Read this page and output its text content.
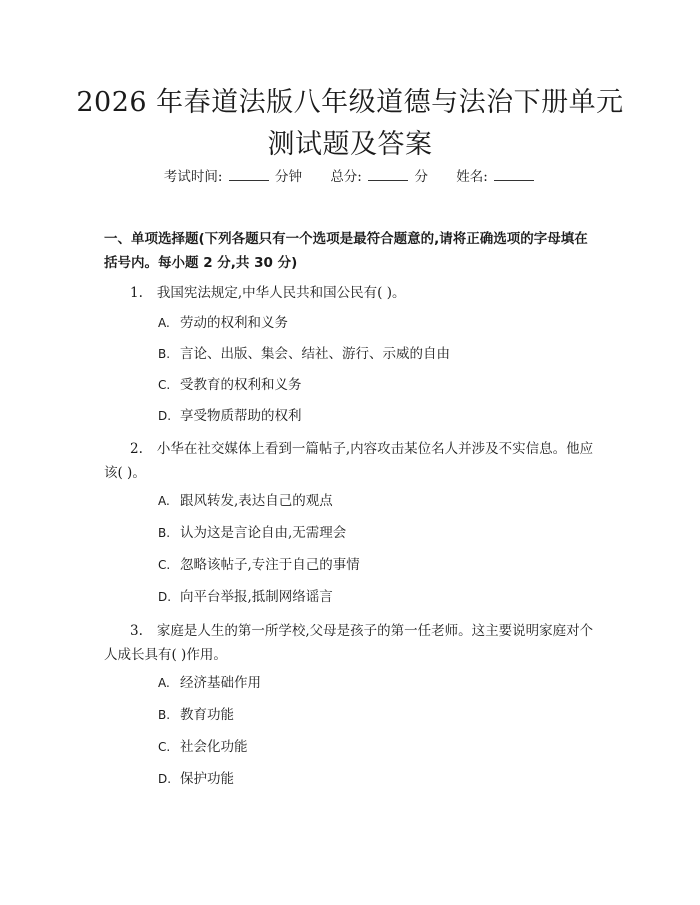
2026 年春道法版八年级道德与法治下册单元
测试题及答案
考试时间:	分钟 总分:	分 姓名:
一、单项选择题(下列各题只有一个选项是最符合题意的,请将正确选项的字母填在括号内。每小题 2 分,共 30 分)
1. 我国宪法规定,中华人民共和国公民有( )。
A. 劳动的权利和义务
B. 言论、出版、集会、结社、游行、示威的自由
C. 受教育的权利和义务
D. 享受物质帮助的权利
2. 小华在社交媒体上看到一篇帖子,内容攻击某位名人并涉及不实信息。他应该( )。
A. 跟风转发,表达自己的观点
B. 认为这是言论自由,无需理会
C. 忽略该帖子,专注于自己的事情
D. 向平台举报,抵制网络谣言
3. 家庭是人生的第一所学校,父母是孩子的第一任老师。这主要说明家庭对个人成长具有( )作用。
A. 经济基础作用
B. 教育功能
C. 社会化功能
D. 保护功能
